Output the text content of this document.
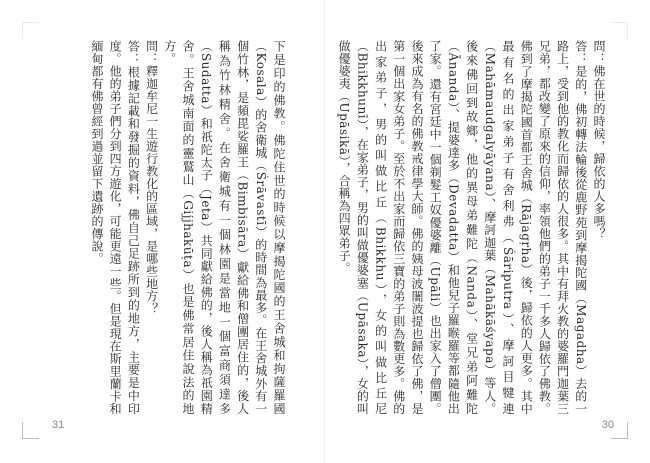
下是印的佛教。佛陀住世的時候以摩揭陀國的王舍城和拘薩羅國（Kosala）的舍衛城（Śrāvastī）的時間為最多。在王舍城外有一個竹林，是頻毘娑羅王（Bimbisāra）獻給佛和僧團居住的，後人稱為竹林精舍。在舍衛城有一個林園是當地一個富商須達多（Sudatta）和祇陀太子（Jeta）共同獻給佛的，後人稱為祇園精舍。王舍城南面的靈鷲山（Gijjhakūṭa）也是佛常居住說法的地方。

問：釋迦牟尼一生遊行教化的區域，是哪些地方？

答：根據記載和發掘的資料，佛自己足跡所到的地方，主要是中印度。他的弟子們分到四方遊化，可能更遠一些。但是現在斯里蘭卡和緬甸都有佛曾經到過並留下遺跡的傳說。

31

問：佛在世的時候，歸依的人多嗎？

答：是的，佛初轉法輪後從鹿野苑到摩揭陀國（Magadha）去的一路上，受到他的教化而歸依的人很多。其中有拜火教的婆羅門迦葉三兄弟，都改變了原來的信仰，率領他們的弟子一千多人歸依了佛教。佛到了摩揭陀國首都王舍城（Rājagṛha）後，歸依的人更多。其中最有名的出家弟子有舍利弗（Śāriputra）、摩訶目犍連（Mahāmaudgalyāyana）、摩訶迦葉（Mahākāśyapa）等人。後來佛回到故鄉，他的異母弟難陀（Nanda）、堂兄弟阿難陀（Ānanda）、提婆達多（Devadatta）和他兒子羅睺羅等都隨他出了家。還有宮廷中一個剃髮工奴優婆離（Upāli）也出家入了僧團。後來成為有名的佛教戒律學大師。佛的姨母波闍波提也歸依了佛，是第一個出家女弟子。至於不出家而歸依三寶的弟子則為數更多。佛的出家弟子，男的叫做比丘（Bhikkhu），女的叫做比丘尼（Bhikkhunī），在家弟子，男的叫做優婆塞（Upāsaka），女的叫做優婆夷（Upāsikā），合稱為四眾弟子。

30
